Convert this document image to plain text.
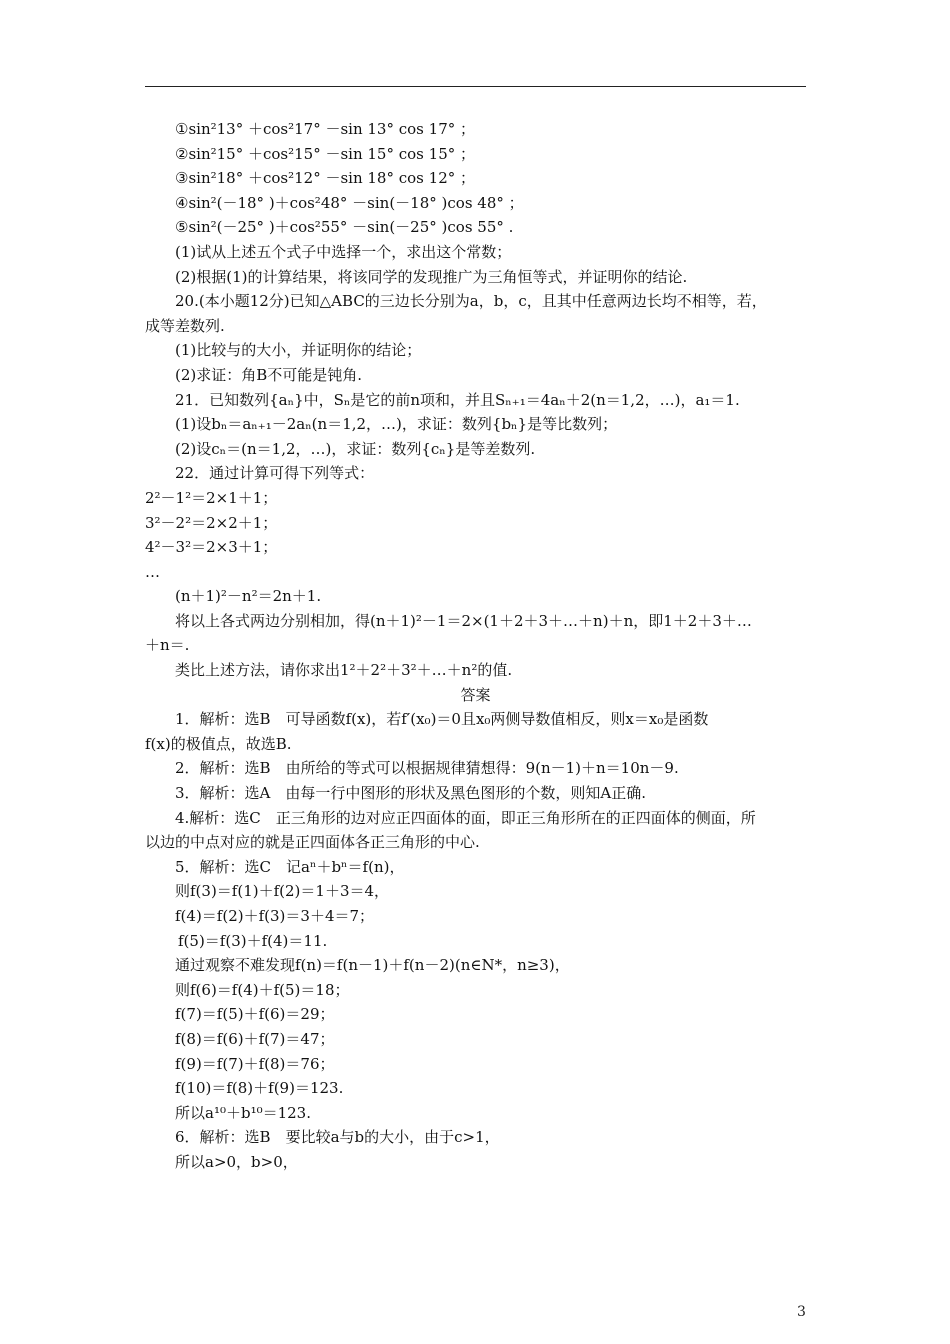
①sin²13° ＋cos²17° －sin 13° cos 17° ；
②sin²15° ＋cos²15° －sin 15° cos 15° ；
③sin²18° ＋cos²12° －sin 18° cos 12° ；
④sin²(－18° )＋cos²48° －sin(－18° )cos 48° ；
⑤sin²(－25° )＋cos²55° －sin(－25° )cos 55° .
(1)试从上述五个式子中选择一个，求出这个常数；
(2)根据(1)的计算结果，将该同学的发现推广为三角恒等式，并证明你的结论.
20.(本小题12分)已知△ABC的三边长分别为a，b，c，且其中任意两边长均不相等，若，
成等差数列.
(1)比较与的大小，并证明你的结论；
(2)求证：角B不可能是钝角.
21．已知数列{aₙ}中，Sₙ是它的前n项和，并且Sₙ₊₁＝4aₙ＋2(n＝1,2，…)，a₁＝1.
(1)设bₙ＝aₙ₊₁－2aₙ(n＝1,2，…)，求证：数列{bₙ}是等比数列；
(2)设cₙ＝(n＝1,2，…)，求证：数列{cₙ}是等差数列.
22．通过计算可得下列等式：
2²－1²＝2×1＋1；
3²－2²＝2×2＋1；
4²－3²＝2×3＋1；
…
(n＋1)²－n²＝2n＋1.
将以上各式两边分别相加，得(n＋1)²－1＝2×(1＋2＋3＋…＋n)＋n，即1＋2＋3＋…
＋n＝.
类比上述方法，请你求出1²＋2²＋3²＋…＋n²的值.
答案
1．解析：选B　可导函数f(x)，若f′(x₀)＝0且x₀两侧导数值相反，则x＝x₀是函数
f(x)的极值点，故选B.
2．解析：选B　由所给的等式可以根据规律猜想得：9(n－1)＋n＝10n－9.
3．解析：选A　由每一行中图形的形状及黑色图形的个数，则知A正确.
4.解析：选C　正三角形的边对应正四面体的面，即正三角形所在的正四面体的侧面，所
以边的中点对应的就是正四面体各正三角形的中心.
5．解析：选C　记aⁿ＋bⁿ＝f(n)，
则f(3)＝f(1)＋f(2)＝1＋3＝4，
f(4)＝f(2)＋f(3)＝3＋4＝7；
f(5)＝f(3)＋f(4)＝11.
通过观察不难发现f(n)＝f(n－1)＋f(n－2)(n∈N*，n≥3)，
则f(6)＝f(4)＋f(5)＝18；
f(7)＝f(5)＋f(6)＝29；
f(8)＝f(6)＋f(7)＝47；
f(9)＝f(7)＋f(8)＝76；
f(10)＝f(8)＋f(9)＝123.
所以a¹⁰＋b¹⁰＝123.
6．解析：选B　要比较a与b的大小，由于c>1，
所以a>0，b>0，
3
